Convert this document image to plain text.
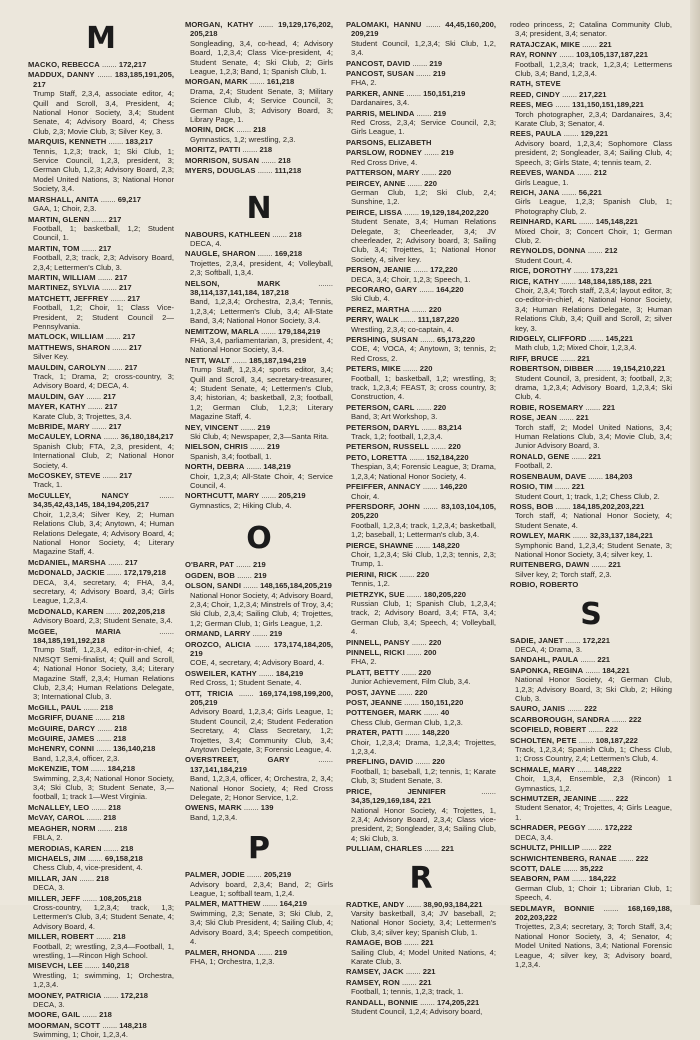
M
MACKO, REBECCA ....... 172,217
MADDUX, DANNY ....... 183,185,191,205, 217
Trump Staff, 2,3,4, associate editor, 4; Quill and Scroll, 3,4, President, 4; National Honor Society, 3,4; Student Senate, 4; Advisory Board, 4; Chess Club, 2,3; Movie Club, 3; Silver Key, 3.
MARQUIS, KENNETH ....... 183,217
Tennis, 1,2,3; track, 1; Ski Club, 1; Service Council, 1,2,3, president, 3; German Club, 1,2,3; Advisory Board, 2,3; Model United Nations, 3; National Honor Society, 3,4.
MARSHALL, ANITA ....... 69,217
GAA, 1; Choir, 2,3.
MARTIN, GLENN ....... 217
Football, 1; basketball, 1,2; Student Council, 1.
MARTIN, TOM ....... 217
Football, 2,3; track, 2,3; Advisory Board, 2,3,4; Lettermen's Club, 3.
MARTIN, WILLIAM ....... 217
MARTINEZ, SYLVIA ....... 217
MATCHETT, JEFFREY ....... 217
Football, 1,2; Choir, 1; Class Vice-President, 2; Student Council 2—Pennsylvania.
MATLOCK, WILLIAM ....... 217
MATTHEWS, SHARON ....... 217
Silver Key.
MAULDIN, CAROLYN ....... 217
Track, 1; Drama, 2; cross-country, 3; Advisory Board, 4; DECA, 4.
MAULDIN, GAY ....... 217
MAYER, KATHY ....... 217
Karate Club, 3; Trojettes, 3,4.
McBRIDE, MARY ....... 217
McCAULEY, LORNA ....... 36,180,184,217
Spanish Club; FTA, 2,3, president, 4; International Club, 2; National Honor Society, 4.
McCOSKEY, STEVE ....... 217
Track, 1.
McCULLEY, NANCY ....... 34,35,42,43,145, 184,194,205,217
Choir, 1,2,3,4; Silver Key, 2; Human Relations Club, 3,4; Anytown, 4; Human Relations Delegate, 4; Advisory Board, 4; National Honor Society, 4; Literary Magazine Staff, 4.
McDANIEL, MARSHA ....... 217
McDONALD, JACKIE ....... 172,179,218
DECA, 3,4, secretary, 4; FHA, 3,4, secretary, 4; Advisory Board, 3,4; Girls League, 1,2,3,4.
McDONALD, KAREN ....... 202,205,218
Advisory Board, 2,3; Student Senate, 3,4.
McGEE, MARIA ....... 184,185,191,192,218
Trump Staff, 1,2,3,4, editor-in-chief, 4; NMSQT Semi-finalist, 4; Quill and Scroll, 4; National Honor Society, 3,4; Literary Magazine Staff, 2,3,4; Human Relations Club, 2,3,4; Human Relations Delegate, 3; International Club, 3.
McGILL, PAUL ....... 218
McGRIFF, DUANE ....... 218
McGUIRE, DARCY ....... 218
McGUIRE, JAMES ....... 218
McHENRY, CONNI ....... 136,140,218
Band, 1,2,3,4, officer, 2,3.
McKENZIE, TOM ....... 184,218
Swimming, 2,3,4; National Honor Society, 3,4; Ski Club, 3; Student Senate, 3,—football, 1; track 1—West Virginia.
McNALLEY, LEO ....... 218
McVAY, CAROL ....... 218
MEAGHER, NORM ....... 218
FBLA, 2.
MERODIAS, KAREN ....... 218
MICHAELS, JIM ....... 69,158,218
Chess Club, 4, vice-president, 4.
MILLAR, JAN ....... 218
DECA, 3.
MILLER, JEFF ....... 108,205,218
Cross-country, 1,2,3,4; track, 1,3; Lettermen's Club, 3,4; Student Senate, 4; Advisory Board, 4.
MILLER, ROBERT ....... 218
Football, 2; wrestling, 2,3,4—Football, 1, wrestling, 1—Rincon High School.
MISEVCH, LEE ....... 140,218
Wrestling, 1; swimming, 1; Orchestra, 1,2,3,4.
MOONEY, PATRICIA ....... 172,218
DECA, 3.
MOORE, GAIL ....... 218
MOORMAN, SCOTT ....... 148,218
Swimming, 1; Choir, 1,2,3,4.
MORGAN, KATHY ....... 19,129,176,202, 205,218
Songleading, 3,4, co-head, 4; Advisory Board, 1,2,3,4; Class Vice-president, 4; Student Senate, 4; Ski Club, 2; Girls League, 1,2,3; Band, 1; Spanish Club, 1.
MORGAN, MARK ....... 161,218
Drama, 2,4; Student Senate, 3; Military Science Club, 4; Service Council, 3; German Club, 3; Advisory Board, 3; Library Page, 1.
MORIN, DICK ....... 218
Gymnastics, 1,2; wrestling, 2,3.
MORITZ, PATTI ....... 218
MORRISON, SUSAN ....... 218
MYERS, DOUGLAS ....... 111,218
N
NABOURS, KATHLEEN ....... 218
DECA, 4.
NAUGLE, SHARON ....... 169,218
Trojettes, 2,3,4, president, 4; Volleyball, 2,3; Softball, 1,3,4.
NELSON, MARK ....... 38,114,137,141,184, 187,218
Band, 1,2,3,4; Orchestra, 2,3,4; Tennis, 1,2,3,4; Lettermen's Club, 3,4; All-State Band, 3,4; National Honor Society, 3,4.
NEMITZOW, MARLA ....... 179,184,219
FHA, 3,4, parliamentarian, 3, president, 4; National Honor Society, 3,4.
NETT, WALT ....... 185,187,194,219
Trump Staff, 1,2,3,4; sports editor, 3,4; Quill and Scroll, 3,4, secretary-treasurer, 4; Student Senate, 4; Lettermen's Club, 3,4; historian, 4; basketball, 2,3; football, 1,2; German Club, 1,2,3; Literary Magazine Staff, 4.
NEY, VINCENT ....... 219
Ski Club, 4; Newspaper, 2,3—Santa Rita.
NIELSON, CHRIS ....... 219
Spanish, 3,4; football, 1.
NORTH, DEBRA ....... 148,219
Choir, 1,2,3,4; All-State Choir, 4; Service Council, 4.
NORTHCUTT, MARY ....... 205,219
Gymnastics, 2; Hiking Club, 4.
O
O'BARR, PAT ....... 219
OGDEN, BOB ....... 219
OLSON, SANDI ....... 148,165,184,205,219
National Honor Society, 4; Advisory Board, 2,3,4; Choir, 1,2,3,4; Minstrels of Troy, 3,4; Ski Club, 2,3,4; Sailing Club, 4; Trojettes, 1,2; German Club, 1; Girls League, 1,2.
ORMAND, LARRY ....... 219
OROZCO, ALICIA ....... 173,174,184,205, 219
COE, 4, secretary, 4; Advisory Board, 4.
OSWEILER, KATHY ....... 184,219
Red Cross, 1; Student Senate, 4.
OTT, TRICIA ....... 169,174,198,199,200, 205,219
Advisory Board, 1,2,3,4; Girls League, 1; Student Council, 2,4; Student Federation Secretary, 4; Class Secretary, 1,2; Trojettes, 3,4; Community Club, 3,4; Anytown Delegate, 3; Forensic League, 4.
OVERSTREET, GARY ....... 137,141,184,219
Band, 1,2,3,4, officer, 4; Orchestra, 2, 3,4; National Honor Society, 4; Red Cross Delegate, 2; Honor Service, 1,2.
OWENS, MARK ....... 139
Band, 1,2,3,4.
P
PALMER, JODIE ....... 205,219
Advisory board, 2,3,4; Band, 2; Girls League, 1; softball team, 1,2,4.
PALMER, MATTHEW ....... 164,219
Swimming, 2,3; Senate, 3; Ski Club, 2, 3,4; Ski Club President, 4; Sailing Club, 4; Advisory Board, 3,4; Speech competition, 4.
PALMER, RHONDA ....... 219
FHA, 1; Orchestra, 1,2,3.
PALOMAKI, HANNU ....... 44,45,160,200, 209,219
Student Council, 1,2,3,4; Ski Club, 1,2, 3,4.
PANCOST, DAVID ....... 219
PANCOST, SUSAN ....... 219
FHA, 2.
PARKER, ANNE ....... 150,151,219
Dardanaires, 3,4.
PARRIS, MELINDA ....... 219
Red Cross, 2,3,4; Service Council, 2,3; Girls League, 1.
PARSONS, ELIZABETH
PARSLOW, RODNEY ....... 219
Red Cross Drive, 4.
PATTERSON, MARY ....... 220
PEIRCEY, ANNE ....... 220
German Club, 1,2; Ski Club, 2,4; Sunshine, 1,2.
PEIRCE, LISSA ....... 19,129,184,202,220
Student Senate, 3,4; Human Relations Delegate, 3; Cheerleader, 3,4; JV cheerleader, 2; Advisory board, 3; Sailing Club, 3,4; Trojettes, 1; National Honor Society, 4, silver key.
PERSON, JEANIE ....... 172,220
DECA, 3,4; Choir, 1,2,3; Speech, 1.
PECORARO, GARY ....... 164,220
Ski Club, 4.
PEREZ, MARTHA ....... 220
PERRY, WALK ....... 111,187,220
Wrestling, 2,3,4; co-captain, 4.
PERSHING, SUSAN ....... 65,173,220
COE, 4; VOCA, 4; Anytown, 3; tennis, 2; Red Cross, 2.
PETERS, MIKE ....... 220
Football, 1; basketball, 1,2; wrestling, 3; track, 1,2,3,4; FEAST, 3; cross country, 3; Construction, 4.
PETERSON, CARL ....... 220
Band, 3; Art Workshop, 3.
PETERSON, DARYL ....... 83,214
Track, 1,2; football, 1,2,3,4.
PETERSON, RUSSELL ....... 220
PETO, LORETTA ....... 152,184,220
Thespian, 3,4; Forensic League, 3; Drama, 1,2,3,4; National Honor Society, 4.
PFEIFFER, ANNACY ....... 146,220
Choir, 4.
PFERSDORF, JOHN ....... 83,103,104,105, 205,220
Football, 1,2,3,4; track, 1,2,3,4; basketball, 1,2; baseball, 1; Letterman's club, 3,4.
PIERCE, SHAWNE ....... 148,220
Choir, 1,2,3,4; Ski Club, 1,2,3; tennis, 2,3; Trump, 1.
PIERINI, RICK ....... 220
Tennis, 1,2.
PIETRZYK, SUE ....... 180,205,220
Russian Club, 1; Spanish Club, 1,2,3,4; track, 2; Advisory Board, 3,4; FTA, 3,4; German Club, 3,4; Speech, 4; Volleyball, 4.
PINNELL, PANSY ....... 220
PINNELL, RICKI ....... 200
FHA, 2.
PLATT, BETTY ....... 220
Junior Achievement, Film Club, 3,4.
POST, JAYNE ....... 220
POST, JEANNE ....... 150,151,220
POTTENGER, MARK ....... 40
Chess Club, German Club, 1,2,3.
PRATER, PATTI ....... 148,220
Choir, 1,2,3,4; Drama, 1,2,3,4; Trojettes, 1,2,3,4.
PREFLING, DAVID ....... 220
Football, 1; baseball, 1,2; tennis, 1; Karate Club, 3; Student Senate, 3.
PRICE, JENNIFER ....... 34,35,129,169,184, 221
National Honor Society, 4; Trojettes, 1, 2,3,4; Advisory Board, 2,3,4; Class vice-president, 2; Songleader, 3,4; Sailing Club, 4; Ski Club, 3.
PULLIAM, CHARLES ....... 221
R
RADTKE, ANDY ....... 38,90,93,184,221
Varsity basketball, 3,4; JV baseball, 2; National Honor Society, 3,4; Lettermen's Club, 3,4; silver key; Spanish Club, 1.
RAMAGE, BOB ....... 221
Sailing Club, 4; Model United Nations, 4; Karate Club, 3.
RAMSEY, JACK ....... 221
RAMSEY, RON ....... 221
Football, 1; tennis, 1,2,3; track, 1.
RANDALL, BONNIE ....... 174,205,221
Student Council, 1,2,4; Advisory board,
rodeo princess, 2; Catalina Community Club, 3,4; president, 3,4; senator.
RATAJCZAK, MIKE ....... 221
RAY, RONNY ....... 103,105,137,187,221
Football, 1,2,3,4; track, 1,2,3,4; Lettermens Club, 3,4; Band, 1,2,3,4.
RATH, STEVE
REED, CINDY ....... 217,221
REES, MEG ....... 131,150,151,189,221
Torch photographer, 2,3,4; Dardanaires, 3,4; Karate Club, 3; Senator, 4.
REES, PAULA ....... 129,221
Advisory board, 1,2,3,4; Sophomore Class president, 2; Songleader, 3,4; Sailing Club, 4; Speech, 3; Girls State, 4; tennis team, 2.
REEVES, WANDA ....... 212
Girls League, 1.
REICH, JANA ....... 56,221
Girls League, 1,2,3; Spanish Club, 1; Photography Club, 2.
REINHARD, KARL ....... 145,148,221
Mixed Choir, 3; Concert Choir, 1; German Club, 2.
REYNOLDS, DONNA ....... 212
Student Court, 4.
RICE, DOROTHY ....... 173,221
RICE, KATHY ....... 148,184,185,188, 221
Choir, 2,3,4; Torch staff, 2,3,4; layout editor, 3; co-editor-in-chief, 4; National Honor Society, 3,4; Human Relations Delegate, 3; Human Relations Club, 3,4; Quill and Scroll, 2; silver key, 3.
RIDGELY, CLIFFORD ....... 145,221
Math club, 1,2; Mixed Choir, 1,2,3,4.
RIFF, BRUCE ....... 221
ROBERTSON, DIBBER ....... 19,154,210,221
Student Council, 3, president, 3; football, 2,3; drama, 1,2,3,4; Advisory Board, 1,2,3,4; Ski Club, 4.
ROBIE, ROSEMARY ....... 221
ROSE, JEAN ....... 221
Torch staff, 2; Model United Nations, 3,4; Human Relations Club, 3,4; Movie Club, 3,4; Junior Advisory Board, 3.
RONALD, GENE ....... 221
Football, 2.
ROSENBAUM, DAVE ....... 184,203
ROSIO, TIM ....... 221
Student Court, 1; track, 1,2; Chess Club, 2.
ROSS, BOB ....... 184,185,202,203,221
Torch staff, 4; National Honor Society, 4; Student Senate, 4.
ROWLEY, MARK ....... 32,33,137,184,221
Symphonic Band, 1,2,3,4; Student Senate, 3; National Honor Society, 3,4; silver key, 1.
RUITENBERG, DAWN ....... 221
Silver key, 2; Torch staff, 2,3.
ROBIO, ROBERTO
S
SADIE, JANET ....... 172,221
DECA, 4; Drama, 3.
SANDAHL, PAULA ....... 221
SAPONKA, REGINA ....... 184,221
National Honor Society, 4; German Club, 1,2,3; Advisory Board, 3; Ski Club, 2; Hiking Club, 3.
SAURO, JANIS ....... 222
SCARBOROUGH, SANDRA ....... 222
SCOFIELD, ROBERT ....... 222
SCHOLTEN, PETE ....... 108,187,222
Track, 1,2,3,4; Spanish Club, 1; Chess Club, 1; Cross Country, 2,4; Lettermen's Club, 4.
SCHMALE, MARY ....... 148,222
Choir, 1,3,4, Ensemble, 2,3 (Rincon) 1 Gymnastics, 1,2.
SCHMUTZER, JEANINE ....... 222
Student Senator, 4; Trojettes, 4; Girls League, 1.
SCHRADER, PEGGY ....... 172,222
DECA, 3,4.
SCHULTZ, PHILLIP ....... 222
SCHWICHTENBERG, RANAE ....... 222
SCOTT, DALE ....... 35,222
SEABORN, PAM ....... 184,222
German Club, 1; Choir 1; Librarian Club, 1; Speech, 4.
SEDLMAYR, BONNIE ....... 168,169,188, 202,203,222
Trojettes, 2,3,4; secretary, 3; Torch Staff, 3,4; National Honor Society, 3, 4; Senator, 4; Model United Nations, 3,4; National Forensic League, 4; silver key, 3; Advisory board, 1,2,3,4.
